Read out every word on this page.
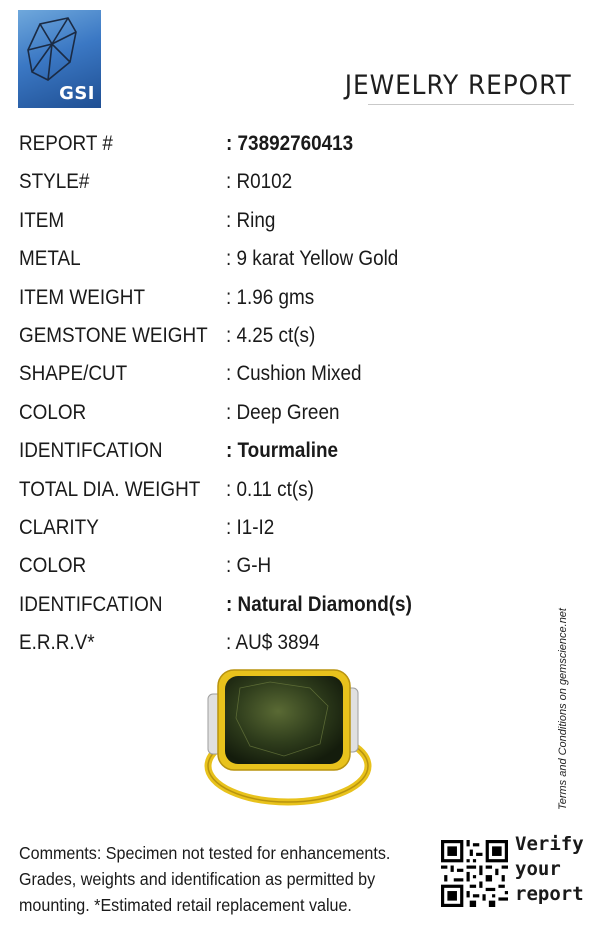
GSI	JEWELRY REPORT
REPORT #	: 73892760413
STYLE#	: R0102
ITEM	: Ring
METAL	: 9 karat Yellow Gold
ITEM WEIGHT	: 1.96 gms
GEMSTONE WEIGHT : 4.25 ct(s)
SHAPE/CUT	: Cushion Mixed
COLOR	: Deep Green
IDENTIFCATION	: Tourmaline
TOTAL DIA. WEIGHT : 0.11 ct(s)
CLARITY	: I1-I2
COLOR	: G-H
IDENTIFCATION	: Natural Diamond(s)
E.R.R.V*	: AU$ 3894	Terms and Conditions on gemscience.net
Comments: Specimen not tested for enhancements.
Grades, weights and identification as permitted by
mounting. *Estimated retail replacement value.
Verify
your
report
